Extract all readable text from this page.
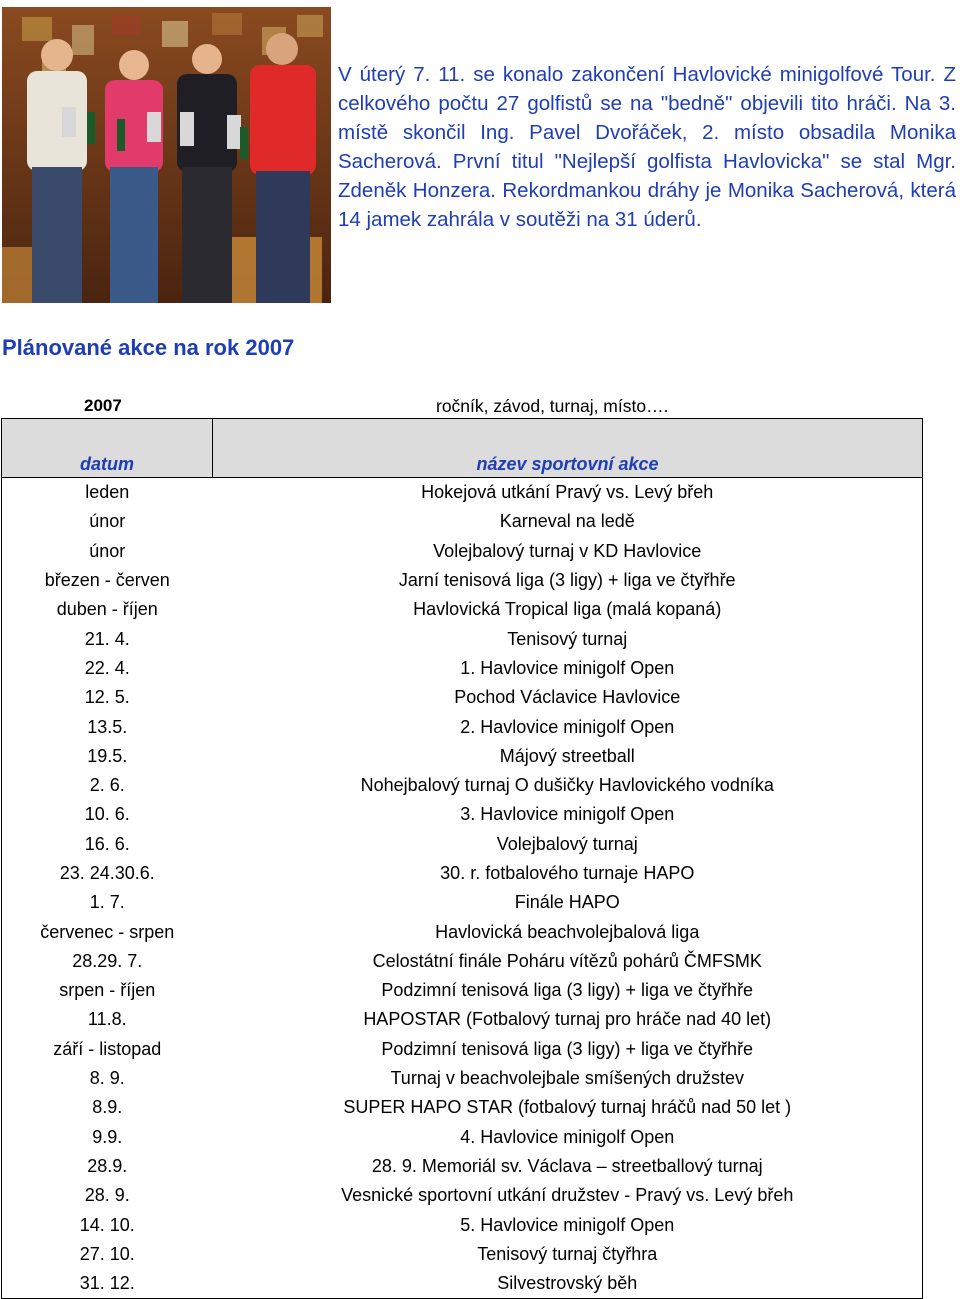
V úterý 7. 11. se konalo zakončení Havlovické minigolfové Tour. Z celkového počtu 27 golfistů se na "bedně" objevili tito hráči. Na 3. místě skončil Ing. Pavel Dvořáček, 2. místo obsadila Monika Sacherová. První titul "Nejlepší golfista Havlovicka" se stal Mgr. Zdeněk Honzera. Rekordmankou dráhy je Monika Sacherová, která 14 jamek zahrála v soutěži na 31 úderů.

Plánované akce na rok 2007
2007	ročník, závod, turnaj, místo….
datum	název sportovní akce
leden	Hokejová utkání Pravý vs. Levý břeh
únor	Karneval na ledě
únor	Volejbalový turnaj v KD Havlovice
březen - červen	Jarní tenisová liga (3 ligy) + liga ve čtyřhře
duben - říjen	Havlovická Tropical liga (malá kopaná)
21. 4.	Tenisový turnaj
22. 4.	1. Havlovice minigolf Open
12. 5.	Pochod Václavice Havlovice
13.5.	2. Havlovice minigolf Open
19.5.	Májový streetball
2. 6.	Nohejbalový turnaj O dušičky Havlovického vodníka
10. 6.	3. Havlovice minigolf Open
16. 6.	Volejbalový turnaj
23. 24.30.6.	30. r. fotbalového turnaje HAPO
1. 7.	Finále HAPO
červenec - srpen	Havlovická beachvolejbalová liga
28.29. 7.	Celostátní finále Poháru vítězů pohárů ČMFSMK
srpen - říjen	Podzimní tenisová liga (3 ligy) + liga ve čtyřhře
11.8.	HAPOSTAR (Fotbalový turnaj pro hráče nad 40 let)
září - listopad	Podzimní tenisová liga (3 ligy) + liga ve čtyřhře
8. 9.	Turnaj v beachvolejbale smíšených družstev
8.9.	SUPER HAPO STAR (fotbalový turnaj hráčů nad 50 let )
9.9.	4. Havlovice minigolf Open
28.9.	28. 9. Memoriál sv. Václava – streetballový turnaj
28. 9.	Vesnické sportovní utkání družstev - Pravý vs. Levý břeh
14. 10.	5. Havlovice minigolf Open
27. 10.	Tenisový turnaj čtyřhra
31. 12.	Silvestrovský běh
